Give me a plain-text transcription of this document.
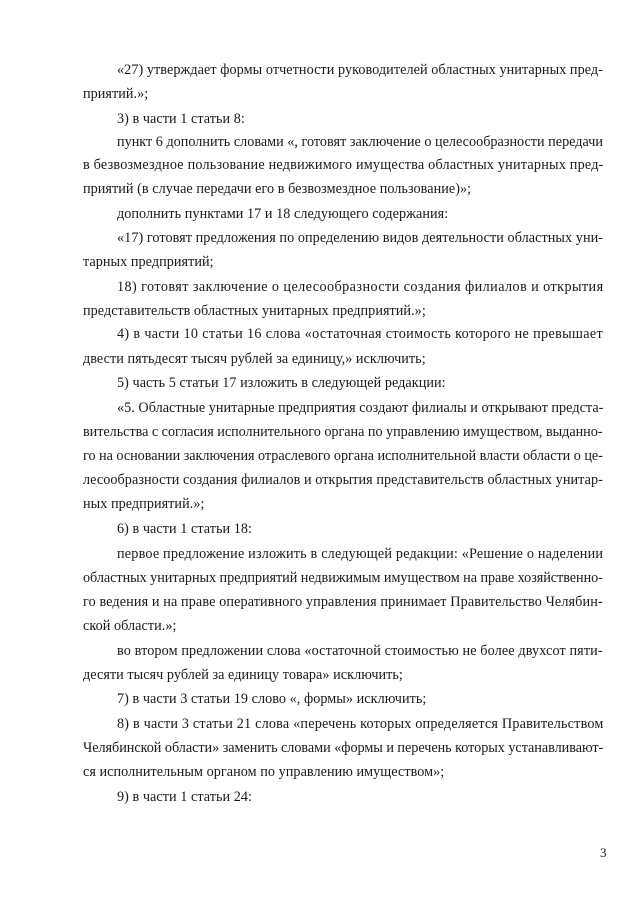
«27) утверждает формы отчетности руководителей областных унитарных пред-
приятий.»;
3) в части 1 статьи 8:
пункт 6 дополнить словами «, готовят заключение о целесообразности передачи
в безвозмездное пользование недвижимого имущества областных унитарных пред-
приятий (в случае передачи его в безвозмездное пользование)»;
дополнить пунктами 17 и 18 следующего содержания:
«17) готовят предложения по определению видов деятельности областных уни-
тарных предприятий;
18) готовят заключение о целесообразности создания филиалов и открытия
представительств областных унитарных предприятий.»;
4) в части 10 статьи 16 слова «остаточная стоимость которого не превышает
двести пятьдесят тысяч рублей за единицу,» исключить;
5) часть 5 статьи 17 изложить в следующей редакции:
«5. Областные унитарные предприятия создают филиалы и открывают предста-
вительства с согласия исполнительного органа по управлению имуществом, выданно-
го на основании заключения отраслевого органа исполнительной власти области о це-
лесообразности создания филиалов и открытия представительств областных унитар-
ных предприятий.»;
6) в части 1 статьи 18:
первое предложение изложить в следующей редакции: «Решение о наделении
областных унитарных предприятий недвижимым имуществом на праве хозяйственно-
го ведения и на праве оперативного управления принимает Правительство Челябин-
ской области.»;
во втором предложении слова «остаточной стоимостью не более двухсот пяти-
десяти тысяч рублей за единицу товара» исключить;
7) в части 3 статьи 19 слово «, формы» исключить;
8) в части 3 статьи 21 слова «перечень которых определяется Правительством
Челябинской области» заменить словами «формы и перечень которых устанавливают-
ся исполнительным органом по управлению имуществом»;
9) в части 1 статьи 24:
3
